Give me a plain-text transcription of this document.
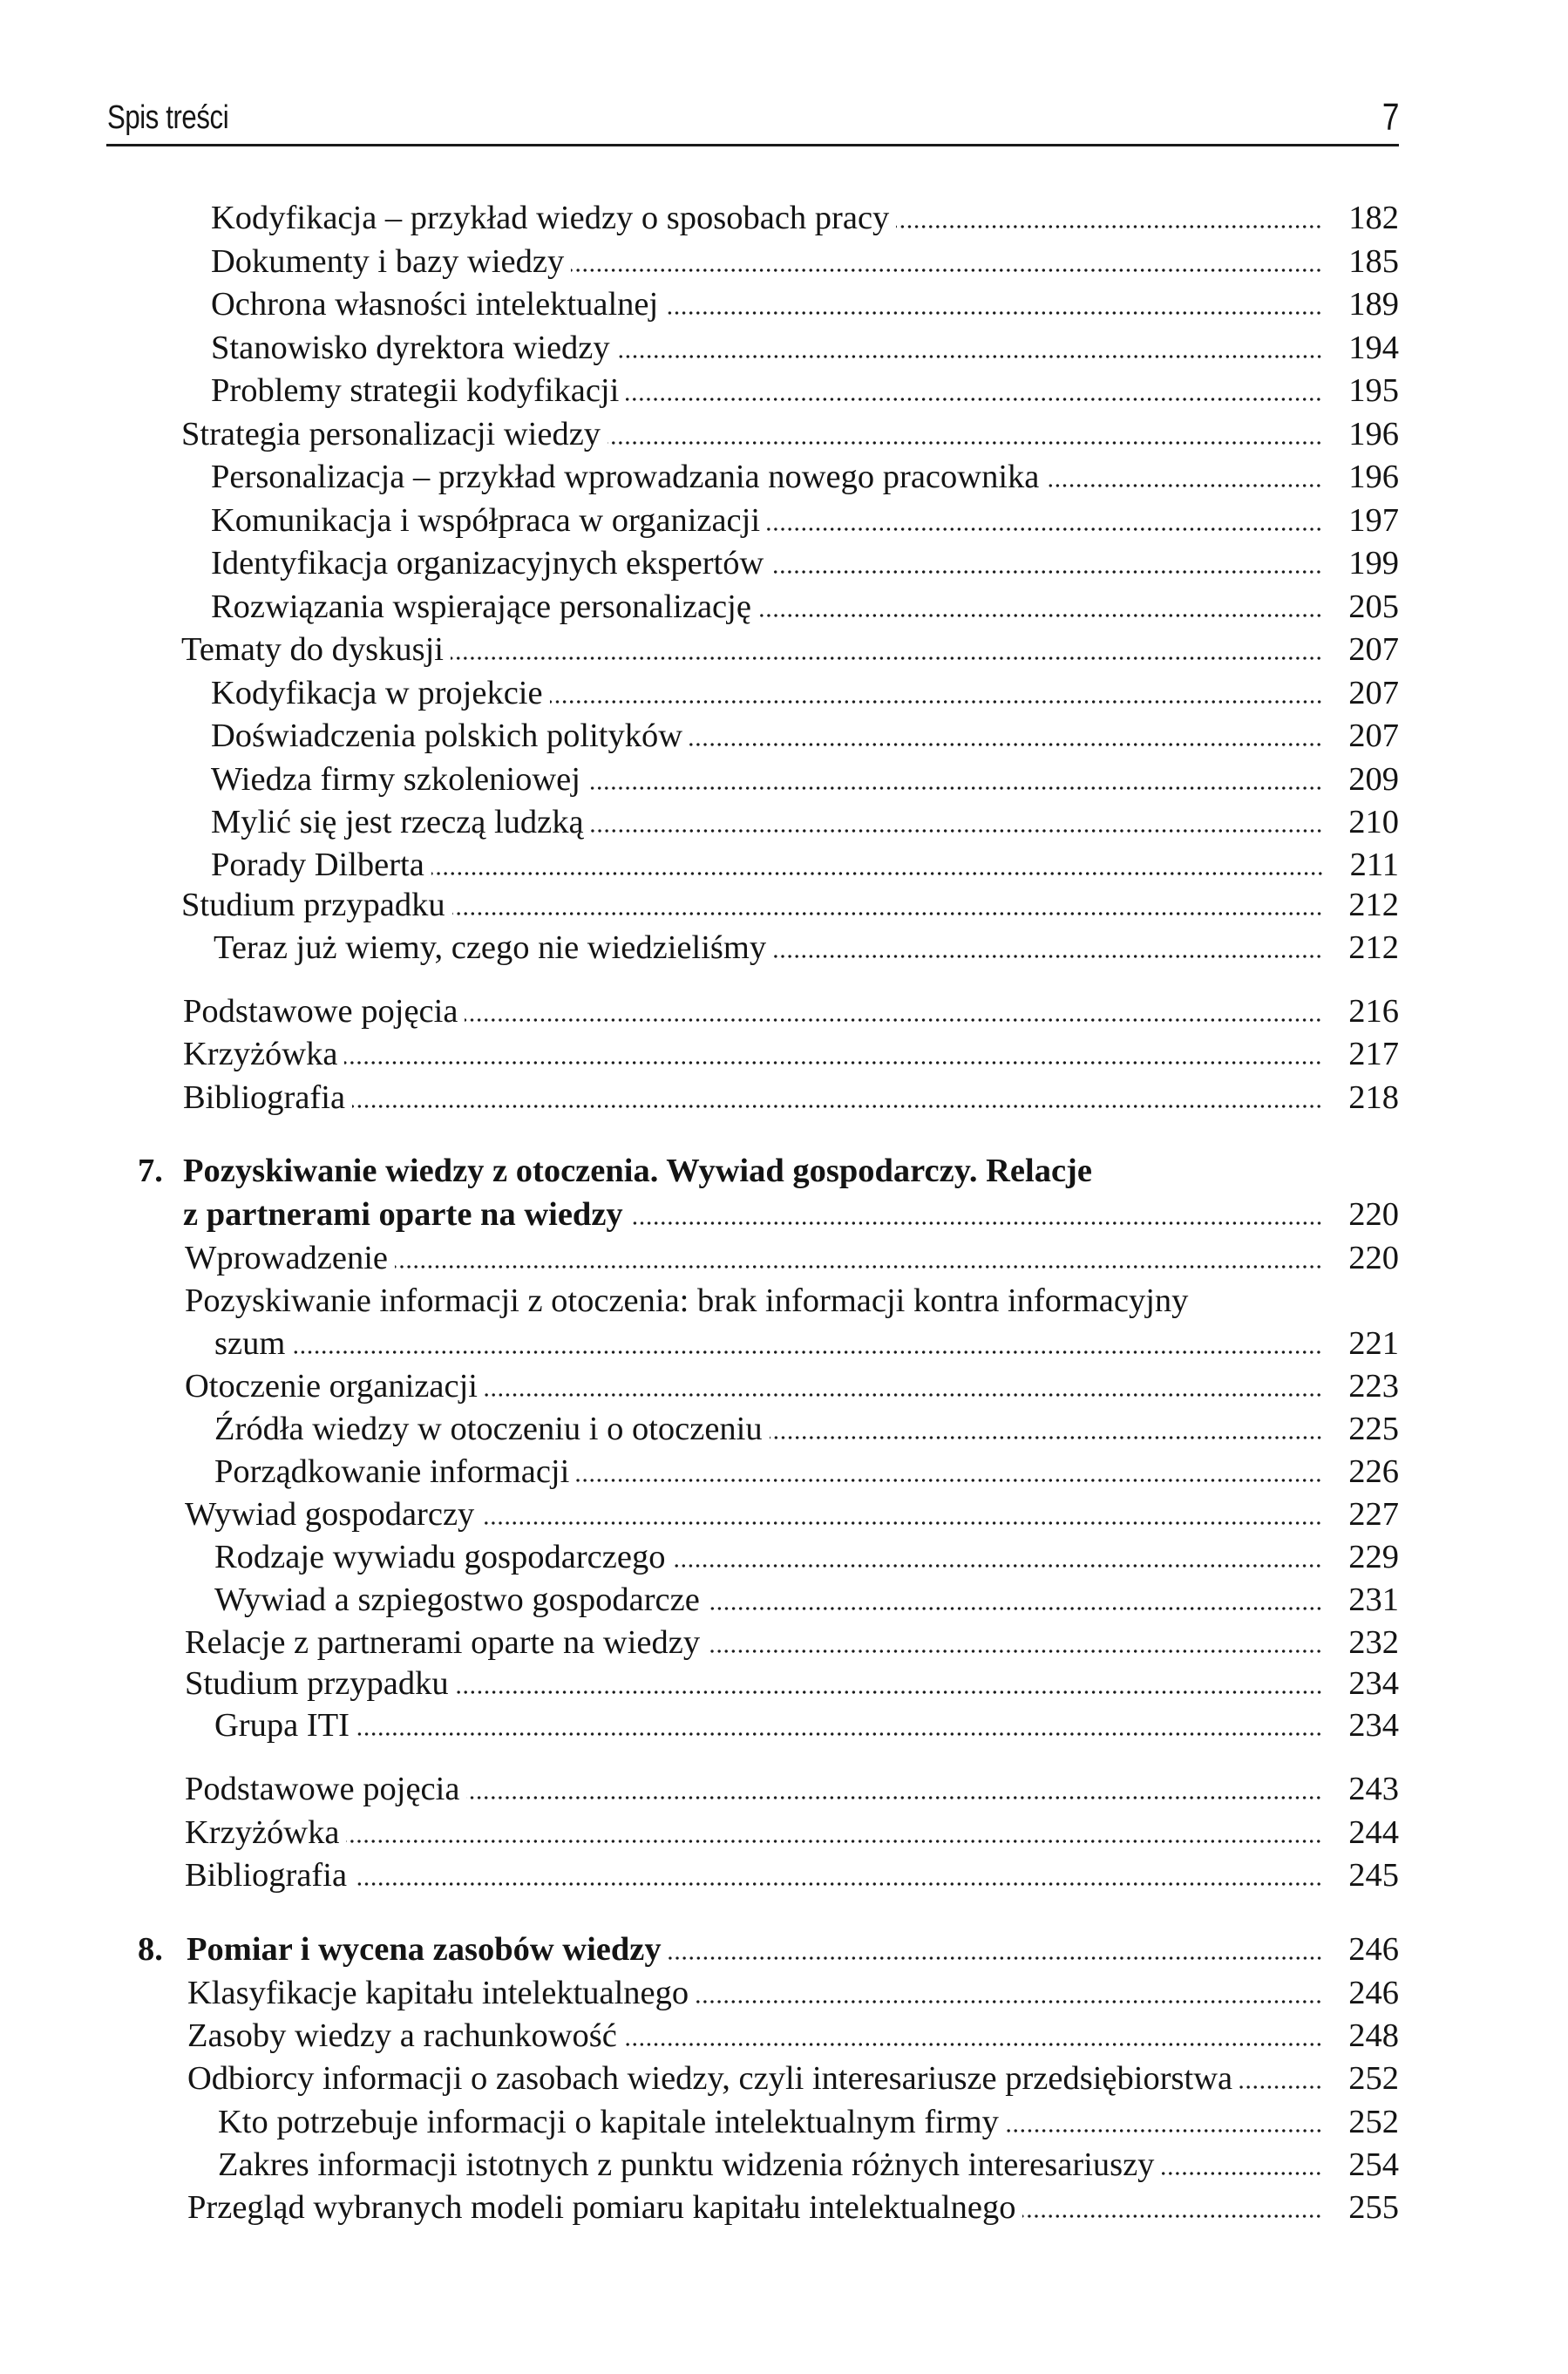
Spis treści	7
Kodyfikacja – przykład wiedzy o sposobach pracy	182
Dokumenty i bazy wiedzy	185
Ochrona własności intelektualnej	189
Stanowisko dyrektora wiedzy	194
Problemy strategii kodyfikacji	195
Strategia personalizacji wiedzy	196
Personalizacja – przykład wprowadzania nowego pracownika	196
Komunikacja i współpraca w organizacji	197
Identyfikacja organizacyjnych ekspertów	199
Rozwiązania wspierające personalizację	205
Tematy do dyskusji	207
Kodyfikacja w projekcie	207
Doświadczenia polskich polityków	207
Wiedza firmy szkoleniowej	209
Mylić się jest rzeczą ludzką	210
Porady Dilberta	211
Studium przypadku	212
Teraz już wiemy, czego nie wiedzieliśmy	212
Podstawowe pojęcia	216
Krzyżówka	217
Bibliografia	218
7. Pozyskiwanie wiedzy z otoczenia. Wywiad gospodarczy. Relacje
z partnerami oparte na wiedzy	220
Wprowadzenie	220
Pozyskiwanie informacji z otoczenia: brak informacji kontra informacyjny
szum	221
Otoczenie organizacji	223
Źródła wiedzy w otoczeniu i o otoczeniu	225
Porządkowanie informacji	226
Wywiad gospodarczy	227
Rodzaje wywiadu gospodarczego	229
Wywiad a szpiegostwo gospodarcze	231
Relacje z partnerami oparte na wiedzy	232
Studium przypadku	234
Grupa ITI	234
Podstawowe pojęcia	243
Krzyżówka	244
Bibliografia	245
8. Pomiar i wycena zasobów wiedzy	246
Klasyfikacje kapitału intelektualnego	246
Zasoby wiedzy a rachunkowość	248
Odbiorcy informacji o zasobach wiedzy, czyli interesariusze przedsiębiorstwa	252
Kto potrzebuje informacji o kapitale intelektualnym firmy	252
Zakres informacji istotnych z punktu widzenia różnych interesariuszy	254
Przegląd wybranych modeli pomiaru kapitału intelektualnego	255
